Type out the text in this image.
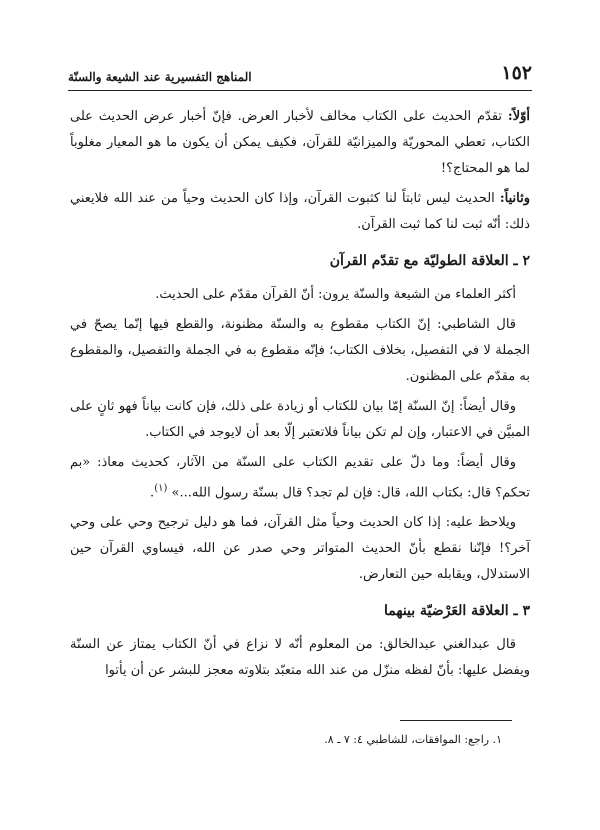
١٥٢
المناهج التفسيرية عند الشيعة والسنّة

أوّلاً: تقدّم الحديث على الكتاب مخالف لأخبار العرض. فإنّ أخبار عرض الحديث على الكتاب، تعطي المحوريّة والميزانيّة للقرآن، فكيف يمكن أن يكون ما هو المعيار مغلوباً لما هو المحتاج؟!

وثانياً: الحديث ليس ثابتاً لنا كثبوت القرآن، وإذا كان الحديث وحياً من عند الله فلايعني ذلك: أنّه ثبت لنا كما ثبت القرآن.

٢ ـ العلاقة الطوليّة مع تقدّم القرآن

أكثر العلماء من الشيعة والسنّة يرون: أنّ القرآن مقدّم على الحديث.

قال الشاطبي: إنّ الكتاب مقطوع به والسنّة مظنونة، والقطع فيها إنّما يصحّ في الجملة لا في التفصيل، بخلاف الكتاب؛ فإنّه مقطوع به في الجملة والتفصيل، والمقطوع به مقدّم على المظنون.

وقال أيضاً: إنّ السنّة إمّا بيان للكتاب أو زيادة على ذلك، فإن كانت بياناً فهو ثانٍ على المبيَّن في الاعتبار، وإن لم تكن بياناً فلاتعتبر إلّا بعد أن لايوجد في الكتاب.

وقال أيضاً: وما دلّ على تقديم الكتاب على السنّة من الآثار، كحديث معاذ: «بم تحكم؟ قال: بكتاب الله، قال: فإن لم تجد؟ قال بسنّة رسول الله...» $^{(١)}$.

ويلاحظ عليه: إذا كان الحديث وحياً مثل القرآن، فما هو دليل ترجيح وحي على وحي آخر؟! فإنّنا نقطع بأنّ الحديث المتواتر وحي صدر عن الله، فيساوي القرآن حين الاستدلال، ويقابله حين التعارض.

٣ ـ العلاقة العَرْضيّة بينهما

قال عبدالغني عبدالخالق: من المعلوم أنّه لا نزاع في أنّ الكتاب يمتاز عن السنّة ويفضل عليها: بأنّ لفظه منزّل من عند الله متعبّد بتلاوته معجز للبشر عن أن يأتوا

١. راجع: الموافقات، للشاطبي ٤: ٧ ـ ٨.
